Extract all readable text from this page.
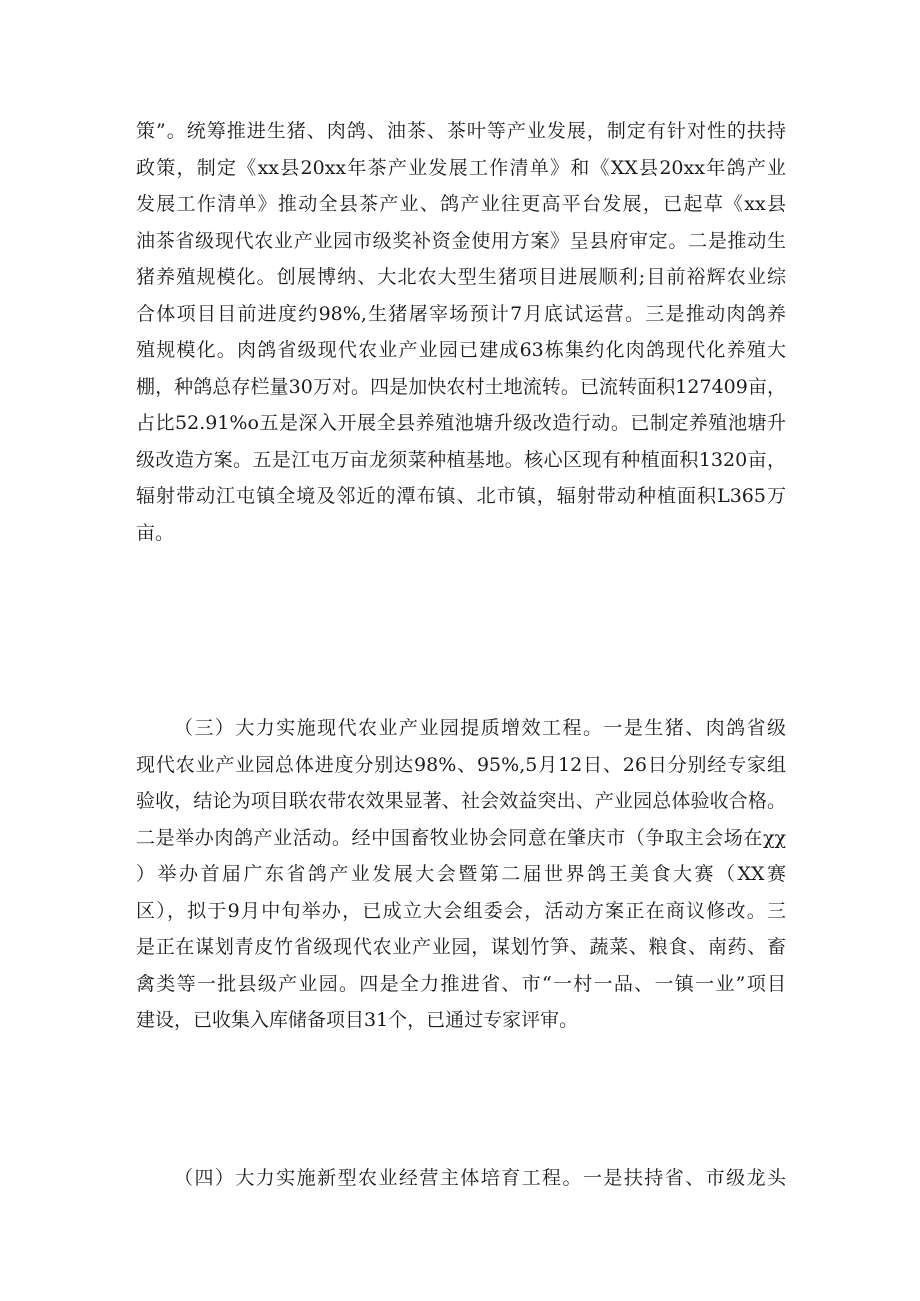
策”。统筹推进生猪、肉鸽、油茶、茶叶等产业发展，制定有针对性的扶持
政策，制定《xx县20xx年茶产业发展工作清单》和《XX县20xx年鸽产业
发展工作清单》推动全县茶产业、鸽产业往更高平台发展，已起草《xx县
油茶省级现代农业产业园市级奖补资金使用方案》呈县府审定。二是推动生
猪养殖规模化。创展博纳、大北农大型生猪项目进展顺利;目前裕辉农业综
合体项目目前进度约98%,生猪屠宰场预计7月底试运营。三是推动肉鸽养
殖规模化。肉鸽省级现代农业产业园已建成63栋集约化肉鸽现代化养殖大
棚，种鸽总存栏量30万对。四是加快农村土地流转。已流转面积127409亩，
占比52.91%o五是深入开展全县养殖池塘升级改造行动。已制定养殖池塘升
级改造方案。五是江屯万亩龙须菜种植基地。核心区现有种植面积1320亩，
辐射带动江屯镇全境及邻近的潭布镇、北市镇，辐射带动种植面积L365万
亩。
（三）大力实施现代农业产业园提质增效工程。一是生猪、肉鸽省级
现代农业产业园总体进度分别达98%、95%,5月12日、26日分别经专家组
验收，结论为项目联农带农效果显著、社会效益突出、产业园总体验收合格。
二是举办肉鸽产业活动。经中国畜牧业协会同意在肇庆市（争取主会场在χχ
）举办首届广东省鸽产业发展大会暨第二届世界鸽王美食大赛（XX赛
区），拟于9月中旬举办，已成立大会组委会，活动方案正在商议修改。三
是正在谋划青皮竹省级现代农业产业园，谋划竹笋、蔬菜、粮食、南药、畜
禽类等一批县级产业园。四是全力推进省、市“一村一品、一镇一业”项目
建设，已收集入库储备项目31个，已通过专家评审。
（四）大力实施新型农业经营主体培育工程。一是扶持省、市级龙头
